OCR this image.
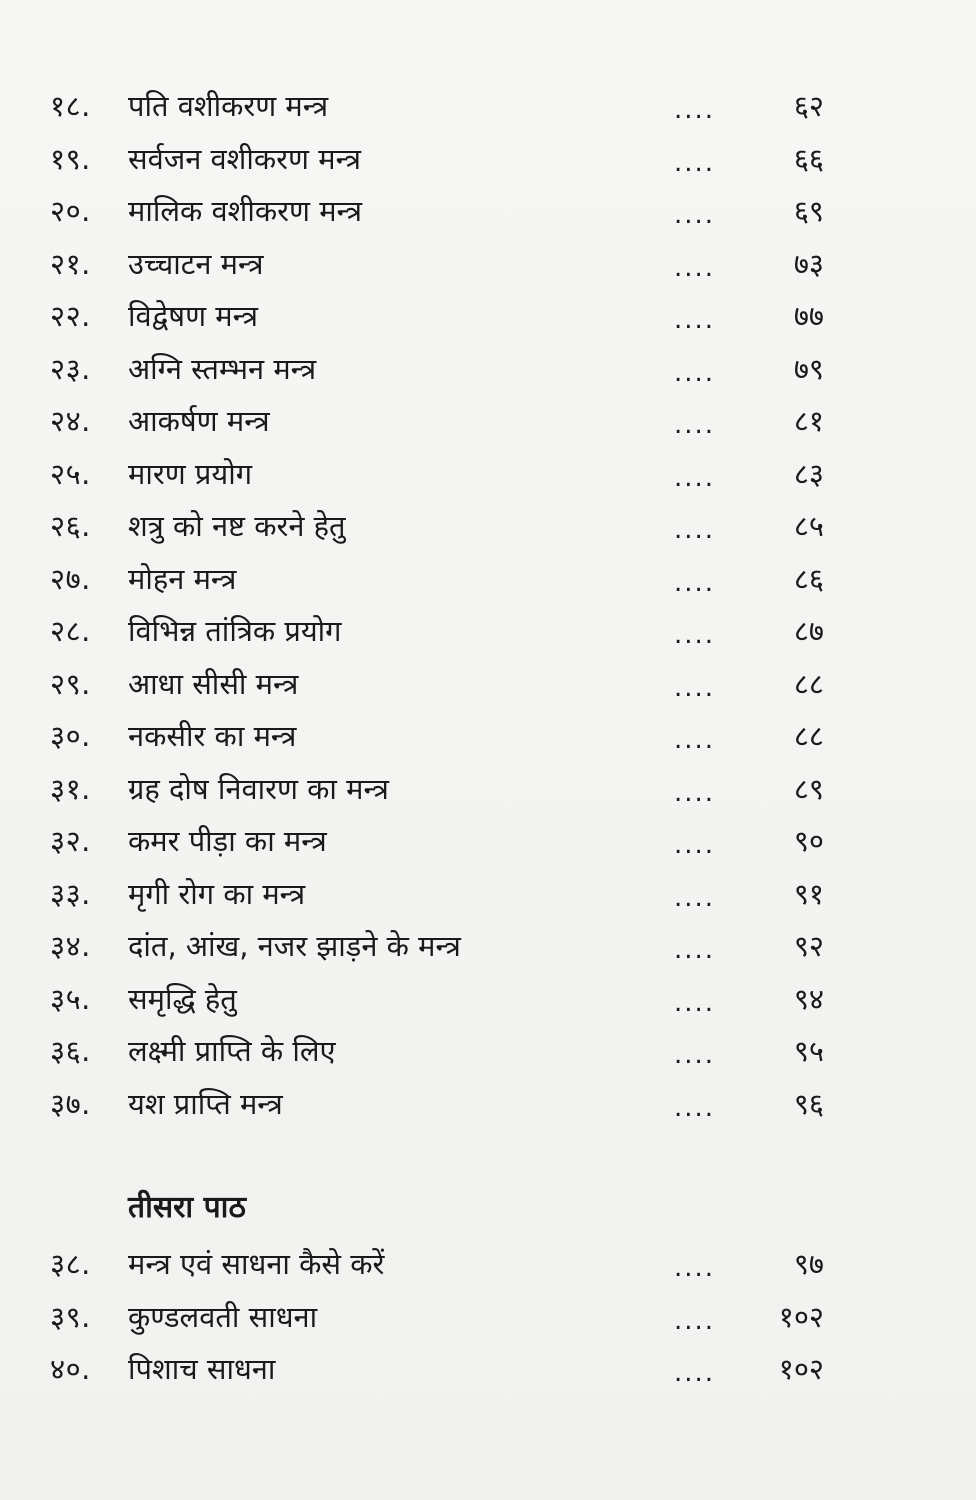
१८. पति वशीकरण मन्त्र	....	६२
१९. सर्वजन वशीकरण मन्त्र	....	६६
२०. मालिक वशीकरण मन्त्र	....	६९
२१. उच्चाटन मन्त्र	....	७३
२२. विद्वेषण मन्त्र	....	७७
२३. अग्नि स्तम्भन मन्त्र	....	७९
२४. आकर्षण मन्त्र	....	८१
२५. मारण प्रयोग	....	८३
२६. शत्रु को नष्ट करने हेतु	....	८५
२७. मोहन मन्त्र	....	८६
२८. विभिन्न तांत्रिक प्रयोग	....	८७
२९. आधा सीसी मन्त्र	....	८८
३०. नकसीर का मन्त्र	....	८८
३१. ग्रह दोष निवारण का मन्त्र	....	८९
३२. कमर पीड़ा का मन्त्र	....	९०
३३. मृगी रोग का मन्त्र	....	९१
३४. दांत, आंख, नजर झाड़ने के मन्त्र	....	९२
३५. समृद्धि हेतु	....	९४
३६. लक्ष्मी प्राप्ति के लिए	....	९५
३७. यश प्राप्ति मन्त्र	....	९६
तीसरा पाठ
३८. मन्त्र एवं साधना कैसे करें	....	९७
३९. कुण्डलवती साधना	.... १०२
४०. पिशाच साधना	.... १०२
